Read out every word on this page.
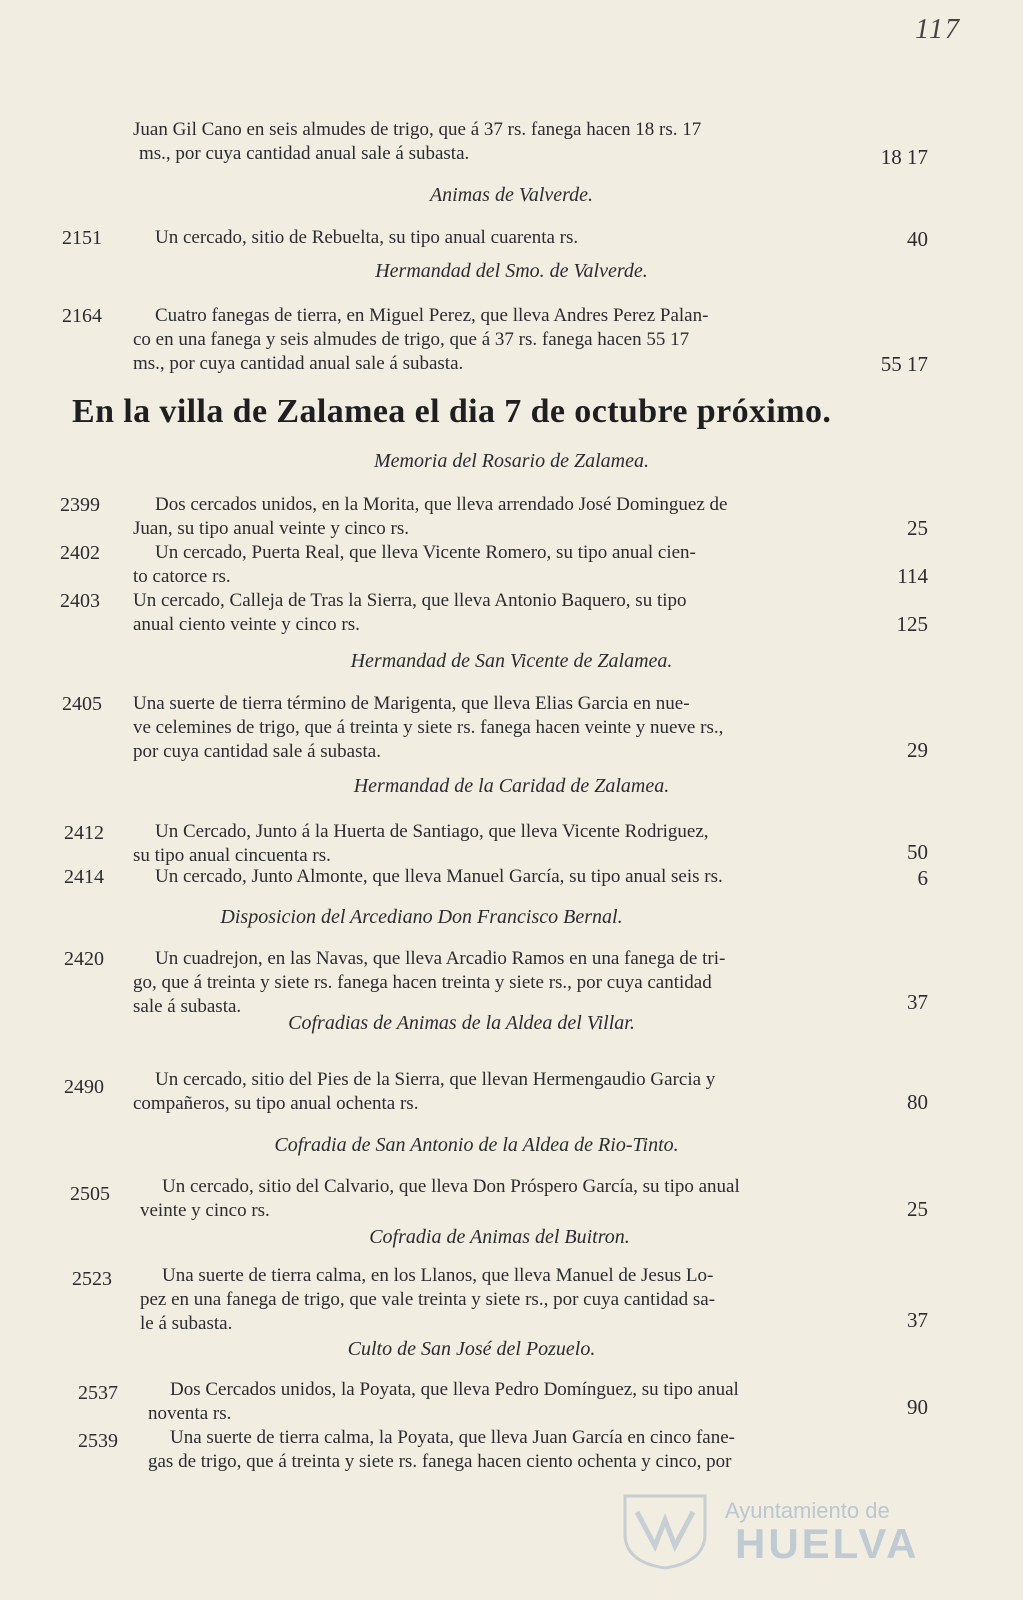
117
Juan Gil Cano en seis almudes de trigo, que á 37 rs. fanega hacen 18 rs. 17
ms., por cuya cantidad anual sale á subasta.	18 17
Animas de Valverde.
2151	Un cercado, sitio de Rebuelta, su tipo anual cuarenta rs.	40
Hermandad del Smo. de Valverde.
2164	Cuatro fanegas de tierra, en Miguel Perez, que lleva Andres Perez Palan-
co en una fanega y seis almudes de trigo, que á 37 rs. fanega hacen 55 17
ms., por cuya cantidad anual sale á subasta.	55 17
En la villa de Zalamea el dia 7 de octubre próximo.
Memoria del Rosario de Zalamea.
2399	Dos cercados unidos, en la Morita, que lleva arrendado José Dominguez de
Juan, su tipo anual veinte y cinco rs.	25
2402	Un cercado, Puerta Real, que lleva Vicente Romero, su tipo anual cien-
to catorce rs.	114
2403 Un cercado, Calleja de Tras la Sierra, que lleva Antonio Baquero, su tipo
anual ciento veinte y cinco rs.	125
Hermandad de San Vicente de Zalamea.
2405 Una suerte de tierra término de Marigenta, que lleva Elias Garcia en nue-
ve celemines de trigo, que á treinta y siete rs. fanega hacen veinte y nueve rs.,
por cuya cantidad sale á subasta.	29
Hermandad de la Caridad de Zalamea.
2412	Un Cercado, Junto á la Huerta de Santiago, que lleva Vicente Rodriguez,
su tipo anual cincuenta rs.	50
2414	Un cercado, Junto Almonte, que lleva Manuel García, su tipo anual seis rs.	6
Disposicion del Arcediano Don Francisco Bernal.
2420	Un cuadrejon, en las Navas, que lleva Arcadio Ramos en una fanega de tri-
go, que á treinta y siete rs. fanega hacen treinta y siete rs., por cuya cantidad
sale á subasta.	37
Cofradias de Animas de la Aldea del Villar.
2490	Un cercado, sitio del Pies de la Sierra, que llevan Hermengaudio Garcia y
compañeros, su tipo anual ochenta rs.	80
Cofradia de San Antonio de la Aldea de Rio-Tinto.
2505	Un cercado, sitio del Calvario, que lleva Don Próspero García, su tipo anual
veinte y cinco rs.	25
Cofradia de Animas del Buitron.
2523	Una suerte de tierra calma, en los Llanos, que lleva Manuel de Jesus Lo-
pez en una fanega de trigo, que vale treinta y siete rs., por cuya cantidad sa-
le á subasta.	37
Culto de San José del Pozuelo.
2537	Dos Cercados unidos, la Poyata, que lleva Pedro Domínguez, su tipo anual
noventa rs.	90
2539	Una suerte de tierra calma, la Poyata, que lleva Juan García en cinco fane-
gas de trigo, que á treinta y siete rs. fanega hacen ciento ochenta y cinco, por
Ayuntamiento de
HUELVA
